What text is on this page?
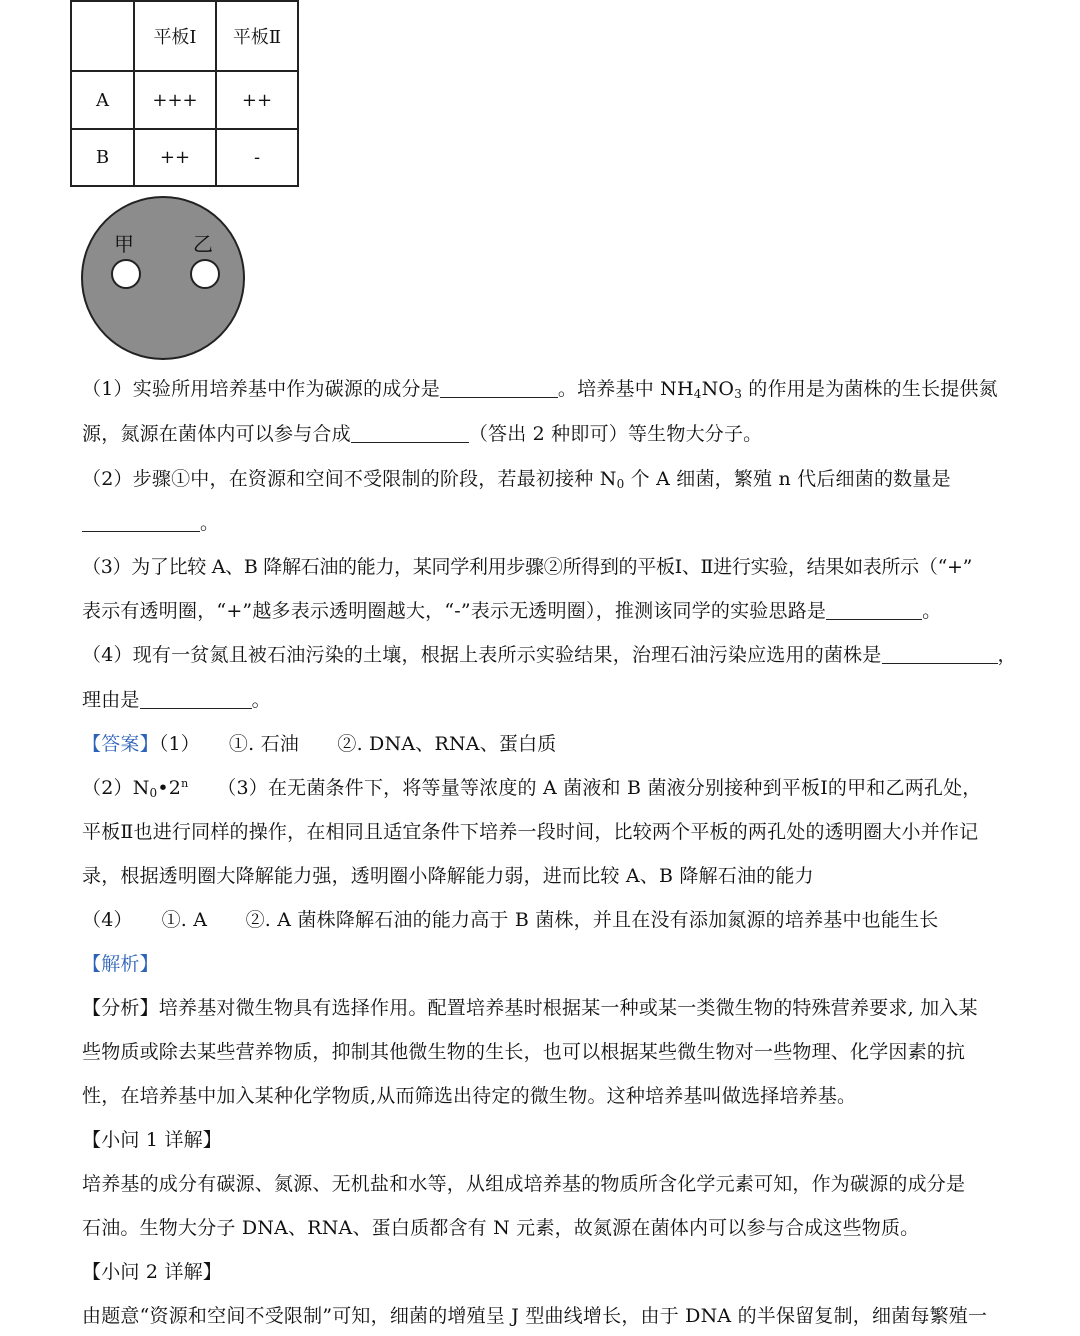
	平板Ⅰ	平板Ⅱ
A	+++	++
B	++	-
甲	乙
（1）实验所用培养基中作为碳源的成分是	。培养基中 $NH_4NO_3$ 的作用是为菌株的生长提供氮
源，氮源在菌体内可以参与合成	（答出 2 种即可）等生物大分子。
（2）步骤①中，在资源和空间不受限制的阶段，若最初接种 $N_0$ 个 A 细菌，繁殖 n 代后细菌的数量是
。
（3）为了比较 A、B 降解石油的能力，某同学利用步骤②所得到的平板Ⅰ、Ⅱ进行实验，结果如表所示（“+”
表示有透明圈，“+”越多表示透明圈越大，“-”表示无透明圈），推测该同学的实验思路是	。
（4）现有一贫氮且被石油污染的土壤，根据上表所示实验结果，治理石油污染应选用的菌株是	，
理由是	。
【答案】（1）　　①. 石油　　②. DNA、RNA、蛋白质
$(2)N_0•2^n$　　（3）在无菌条件下，将等量等浓度的 A 菌液和 B 菌液分别接种到平板Ⅰ的甲和乙两孔处，
平板Ⅱ也进行同样的操作，在相同且适宜条件下培养一段时间，比较两个平板的两孔处的透明圈大小并作记
录，根据透明圈大降解能力强，透明圈小降解能力弱，进而比较 A、B 降解石油的能力
（4）　　①. A　　②. A 菌株降解石油的能力高于 B 菌株，并且在没有添加氮源的培养基中也能生长
【解析】
【分析】培养基对微生物具有选择作用。配置培养基时根据某一种或某一类微生物的特殊营养要求, 加入某
些物质或除去某些营养物质，抑制其他微生物的生长，也可以根据某些微生物对一些物理、化学因素的抗
性，在培养基中加入某种化学物质,从而筛选出待定的微生物。这种培养基叫做选择培养基。
【小问 1 详解】
培养基的成分有碳源、氮源、无机盐和水等，从组成培养基的物质所含化学元素可知，作为碳源的成分是
石油。生物大分子 DNA、RNA、蛋白质都含有 N 元素，故氮源在菌体内可以参与合成这些物质。
【小问 2 详解】
由题意“资源和空间不受限制”可知，细菌的增殖呈 J 型曲线增长，由于 DNA 的半保留复制，细菌每繁殖一
